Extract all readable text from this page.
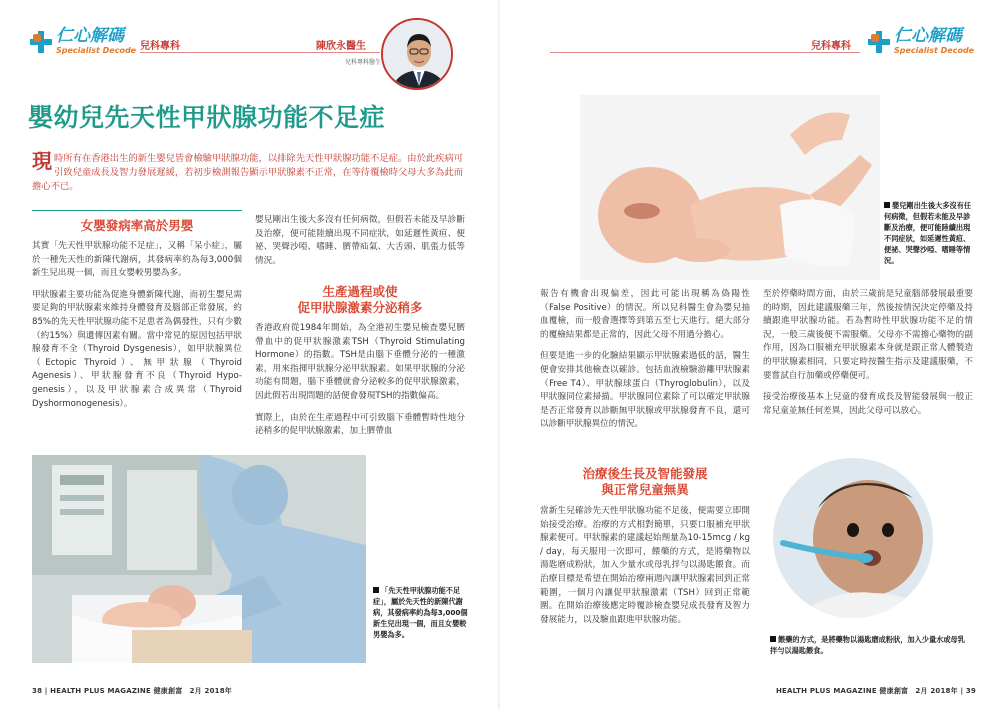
仁心解碼
Specialist Decode 兒科專科	陳欣永醫生
兒科專科醫生
嬰幼兒先天性甲狀腺功能不足症
現時所有在香港出生的新生嬰兒皆會檢驗甲狀腺功能，以排除先天性甲狀腺功能不足症。由於此疾病可引致兒童成長及智力發展遲緩，若初步檢測報告顯示甲狀腺素不正常，在等待覆檢時父母大多為此而擔心不已。
女嬰發病率高於男嬰

其實「先天性甲狀腺功能不足症」，又稱「呆小症」，屬於一種先天性的新陳代謝病，其發病率約為每3,000個新生兒出現一個，而且女嬰較男嬰為多。

甲狀腺素主要功能為促進身體新陳代謝，而初生嬰兒需要足夠的甲狀腺素來維持身體發育及腦部正常發展，約85%的先天性甲狀腺功能不足患者為偶發性，只有少數（約15%）與遺傳因素有關。當中常見的原因包括甲狀腺發育不全（Thyroid Dysgenesis），如甲狀腺異位（Ectopic Thyroid）、無甲狀腺（Thyroid Agenesis）、甲狀腺發育不良（Thyroid Hypo-genesis），以及甲狀腺素合成異常（Thyroid Dyshormonogenesis）。

嬰兒剛出生後大多沒有任何病徵，但假若未能及早診斷及治療，便可能陸續出現不同症狀，如延遲性黃疸、便祕、哭聲沙啞、嗜睡、臍帶疝氣、大舌頭、肌張力低等情況。

生產過程或使
促甲狀腺激素分泌稍多

香港政府從1984年開始，為全港初生嬰兒檢查嬰兒臍帶血中的促甲狀腺激素TSH（Thyroid Stimulating Hormone）的指數。TSH是由腦下垂體分泌的一種激素，用來指揮甲狀腺分泌甲狀腺素。如果甲狀腺的分泌功能有問題，腦下垂體就會分泌較多的促甲狀腺激素，因此假若出現問題的話便會發現TSH的指數偏高。

實際上，由於在生產過程中可引致腦下垂體暫時性地分泌稍多的促甲狀腺激素，加上臍帶血

「先天性甲狀腺功能不足症」，屬於先天性的新陳代謝病，其發病率約為每3,000個新生兒出現一個，而且女嬰較男嬰為多。
38 | HEALTH PLUS MAGAZINE 健康創富　2月 2018年
兒科專科
仁心解碼
Specialist Decode
嬰兒剛出生後大多沒有任何病徵，但假若未能及早診斷及治療，便可能陸續出現不同症狀，如延遲性黃疸、便祕、哭聲沙啞、嗜睡等情況。

報告有機會出現偏差，因此可能出現稱為偽陽性（False Positive）的情況。所以兒科醫生會為嬰兒抽血覆檢，而一般會選擇等到第五至七天進行。絕大部分的覆檢結果都是正常的，因此父母不用過分擔心。

但要是進一步的化驗結果顯示甲狀腺素過低的話，醫生便會安排其他檢查以確診。包括血液檢驗游離甲狀腺素（Free T4）、甲狀腺球蛋白（Thyroglobulin），以及甲狀腺同位素掃描。甲狀腺同位素除了可以確定甲狀腺是否正常發育以診斷無甲狀腺或甲狀腺發育不良，還可以診斷甲狀腺異位的情況。

治療後生長及智能發展
與正常兒童無異

當新生兒確診先天性甲狀腺功能不足後，便需要立即開始接受治療。治療的方式相對簡單，只要口服補充甲狀腺素便可。甲狀腺素的建議起始劑量為10-15mcg / kg / day，每天服用一次即可，餵藥的方式，是將藥物以湯匙磨成粉狀，加入少量水或母乳拌勻以湯匙餵食。而治療目標是希望在開始治療兩週內讓甲狀腺素回到正常範圍，一個月內讓促甲狀腺激素（TSH）回到正常範圍。在開始治療後應定時覆診檢查嬰兒成長發育及智力發展能力，以及驗血跟進甲狀腺功能。

至於停藥時間方面，由於三歲前是兒童腦部發展最重要的時期，因此建議服藥三年，然後按情況決定停藥及持續跟進甲狀腺功能。若為暫時性甲狀腺功能不足的情況，一般三歲後便不需服藥。父母亦不需擔心藥物的副作用，因為口服補充甲狀腺素本身就是跟正常人體製造的甲狀腺素相同，只要定時按醫生指示及建議服藥，不要嘗試自行加藥或停藥便可。

接受治療後基本上兒童的發育成長及智能發展與一般正常兒童並無任何差異，因此父母可以放心。

餵藥的方式，是將藥物以湯匙磨成粉狀，加入少量水或母乳拌勻以湯匙餵食。
HEALTH PLUS MAGAZINE 健康創富　2月 2018年 | 39
